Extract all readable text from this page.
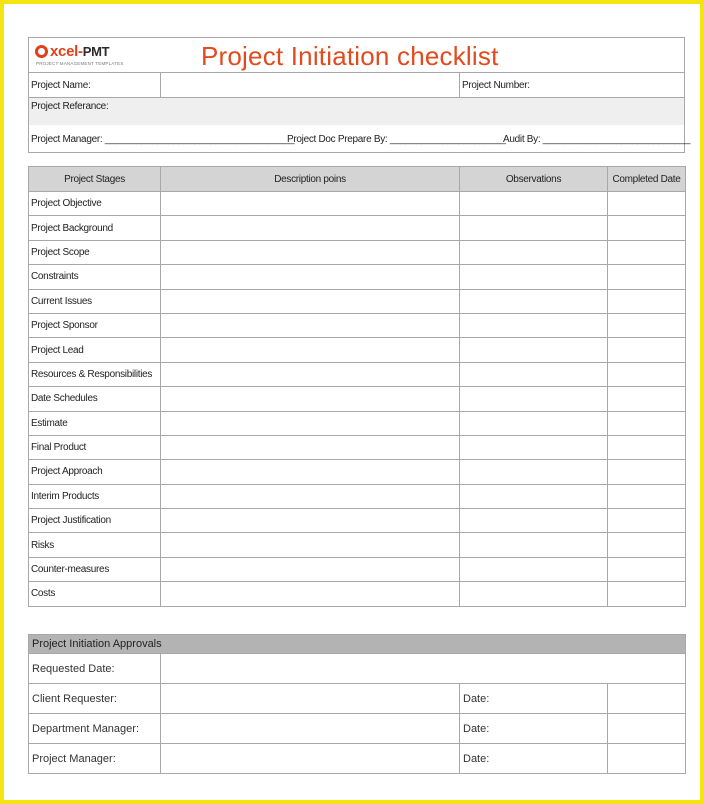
xcel-PMT
PROJECT MANAGEMENT TEMPLATES	Project Initiation checklist
Project Name:	Project Number:
Project Referance:
Project Manager: ____________________________________
Project Doc Prepare By: ______________________
Audit By: ____________________________
Project Stages	Description poins	Observations	Completed Date
Project Objective			
Project Background			
Project Scope			
Constraints			
Current Issues			
Project Sponsor			
Project Lead			
Resources & Responsibilities			
Date Schedules			
Estimate			
Final Product			
Project Approach			
Interim Products			
Project Justification			
Risks			
Counter-measures			
Costs			
Project Initiation Approvals			
Requested Date:			
Client Requester:		Date:	
Department Manager:		Date:	
Project Manager:		Date:	
